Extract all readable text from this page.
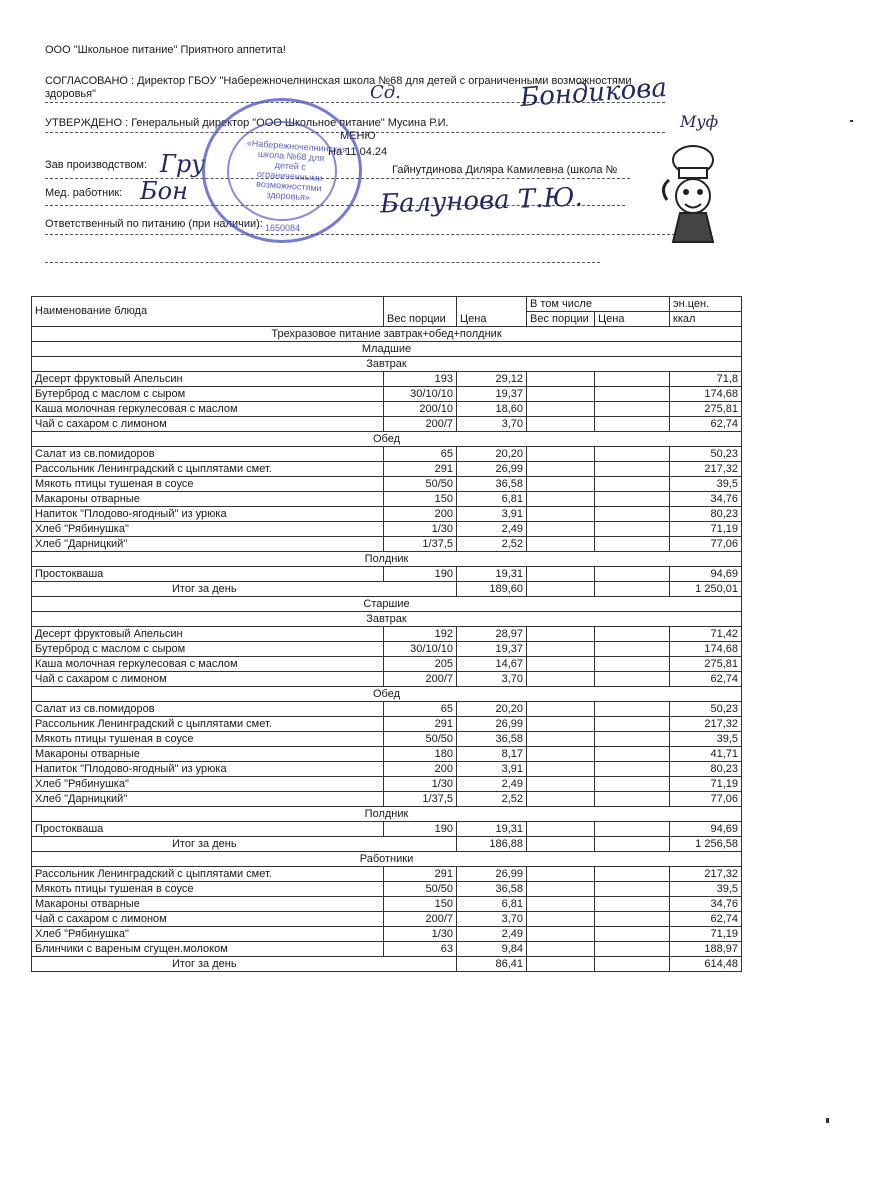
ООО "Школьное питание" Приятного аппетита!
СОГЛАСОВАНО : Директор ГБОУ "Набережночелнинская школа №68 для детей с ограниченными возможностями
здоровья"
УТВЕРЖДЕНО : Генеральный директор "ООО Школьное питание" Мусина Р.И.
МЕНЮ
На 11.04.24
Зав производством:	Гайнутдинова Диляра Камилевна (школа №
Мед. работник:
Ответственный по питанию (при наличии):
Сд.	Бондикова
Гру
Бон	Балунова Т.Ю.
Муф
«Набережночелнинская школа №68 для детей с ограниченными возможностями здоровья»
1650084
Наименование блюда	Вес порции	Цена	В том числе		эн.цен.
			Вес порции	Цена	ккал
Трехразовое питание завтрак+обед+полдник					
Младшие					
Завтрак					
Десерт фруктовый Апельсин	193	29,12			71,8
Бутерброд с маслом с сыром	30/10/10	19,37			174,68
Каша молочная геркулесовая с маслом	200/10	18,60			275,81
Чай с сахаром с лимоном	200/7	3,70			62,74
Обед					
Салат из св.помидоров	65	20,20			50,23
Рассольник Ленинградский с цыплятами смет.	291	26,99			217,32
Мякоть птицы тушеная в соусе	50/50	36,58			39,5
Макароны отварные	150	6,81			34,76
Напиток "Плодово-ягодный" из урюка	200	3,91			80,23
Хлеб "Рябинушка"	1/30	2,49			71,19
Хлеб "Дарницкий"	1/37,5	2,52			77,06
Полдник					
Простокваша	190	19,31			94,69
Итог за день		189,60			1 250,01
Старшие					
Завтрак					
Десерт фруктовый Апельсин	192	28,97			71,42
Бутерброд с маслом с сыром	30/10/10	19,37			174,68
Каша молочная геркулесовая с маслом	205	14,67			275,81
Чай с сахаром с лимоном	200/7	3,70			62,74
Обед					
Салат из св.помидоров	65	20,20			50,23
Рассольник Ленинградский с цыплятами смет.	291	26,99			217,32
Мякоть птицы тушеная в соусе	50/50	36,58			39,5
Макароны отварные	180	8,17			41,71
Напиток "Плодово-ягодный" из урюка	200	3,91			80,23
Хлеб "Рябинушка"	1/30	2,49			71,19
Хлеб "Дарницкий"	1/37,5	2,52			77,06
Полдник					
Простокваша	190	19,31			94,69
Итог за день		186,88			1 256,58
Работники					
Рассольник Ленинградский с цыплятами смет.	291	26,99			217,32
Мякоть птицы тушеная в соусе	50/50	36,58			39,5
Макароны отварные	150	6,81			34,76
Чай с сахаром с лимоном	200/7	3,70			62,74
Хлеб "Рябинушка"	1/30	2,49			71,19
Блинчики с вареным сгущен.молоком	63	9,84			188,97
Итог за день		86,41			614,48
